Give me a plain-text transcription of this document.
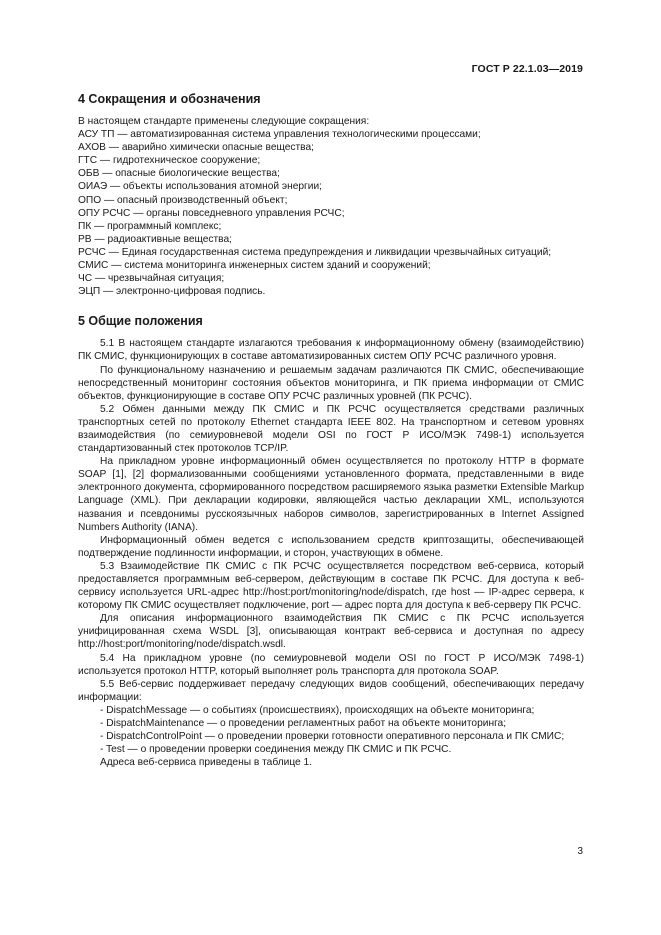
ГОСТ Р 22.1.03—2019
4 Сокращения и обозначения

В настоящем стандарте применены следующие сокращения:

АСУ ТП — автоматизированная система управления технологическими процессами;

АХОВ — аварийно химически опасные вещества;

ГТС — гидротехническое сооружение;

ОБВ — опасные биологические вещества;

ОИАЭ — объекты использования атомной энергии;

ОПО — опасный производственный объект;

ОПУ РСЧС — органы повседневного управления РСЧС;

ПК — программный комплекс;

РВ — радиоактивные вещества;

РСЧС — Единая государственная система предупреждения и ликвидации чрезвычайных ситуаций;

СМИС — система мониторинга инженерных систем зданий и сооружений;

ЧС — чрезвычайная ситуация;

ЭЦП — электронно-цифровая подпись.

5 Общие положения

5.1 В настоящем стандарте излагаются требования к информационному обмену (взаимодействию) ПК СМИС, функционирующих в составе автоматизированных систем ОПУ РСЧС различного уровня.

По функциональному назначению и решаемым задачам различаются ПК СМИС, обеспечивающие непосредственный мониторинг состояния объектов мониторинга, и ПК приема информации от СМИС объектов, функционирующие в составе ОПУ РСЧС различных уровней (ПК РСЧС).

5.2 Обмен данными между ПК СМИС и ПК РСЧС осуществляется средствами различных транспортных сетей по протоколу Ethernet стандарта IEEE 802. На транспортном и сетевом уровнях взаимодействия (по семиуровневой модели OSI по ГОСТ Р ИСО/МЭК 7498-1) используется стандартизованный стек протоколов TCP/IP.

На прикладном уровне информационный обмен осуществляется по протоколу HTTP в формате SOAP [1], [2] формализованными сообщениями установленного формата, представленными в виде электронного документа, сформированного посредством расширяемого языка разметки Extensible Markup Language (XML). При декларации кодировки, являющейся частью декларации XML, используются названия и псевдонимы русскоязычных наборов символов, зарегистрированных в Internet Assigned Numbers Authority (IANA).

Информационный обмен ведется с использованием средств криптозащиты, обеспечивающей подтверждение подлинности информации, и сторон, участвующих в обмене.

5.3 Взаимодействие ПК СМИС с ПК РСЧС осуществляется посредством веб-сервиса, который предоставляется программным веб-сервером, действующим в составе ПК РСЧС. Для доступа к веб-сервису используется URL-адрес http://host:port/monitoring/node/dispatch, где host — IP-адрес сервера, к которому ПК СМИС осуществляет подключение, port — адрес порта для доступа к веб-серверу ПК РСЧС.

Для описания информационного взаимодействия ПК СМИС с ПК РСЧС используется унифицированная схема WSDL [3], описывающая контракт веб-сервиса и доступная по адресу http://host:port/monitoring/node/dispatch.wsdl.

5.4 На прикладном уровне (по семиуровневой модели OSI по ГОСТ Р ИСО/МЭК 7498-1) используется протокол HTTP, который выполняет роль транспорта для протокола SOAP.

5.5 Веб-сервис поддерживает передачу следующих видов сообщений, обеспечивающих передачу информации:

- DispatchMessage — о событиях (происшествиях), происходящих на объекте мониторинга;

- DispatchMaintenance — о проведении регламентных работ на объекте мониторинга;

- DispatchControlPoint — о проведении проверки готовности оперативного персонала и ПК СМИС;

- Test — о проведении проверки соединения между ПК СМИС и ПК РСЧС.

Адреса веб-сервиса приведены в таблице 1.

3
